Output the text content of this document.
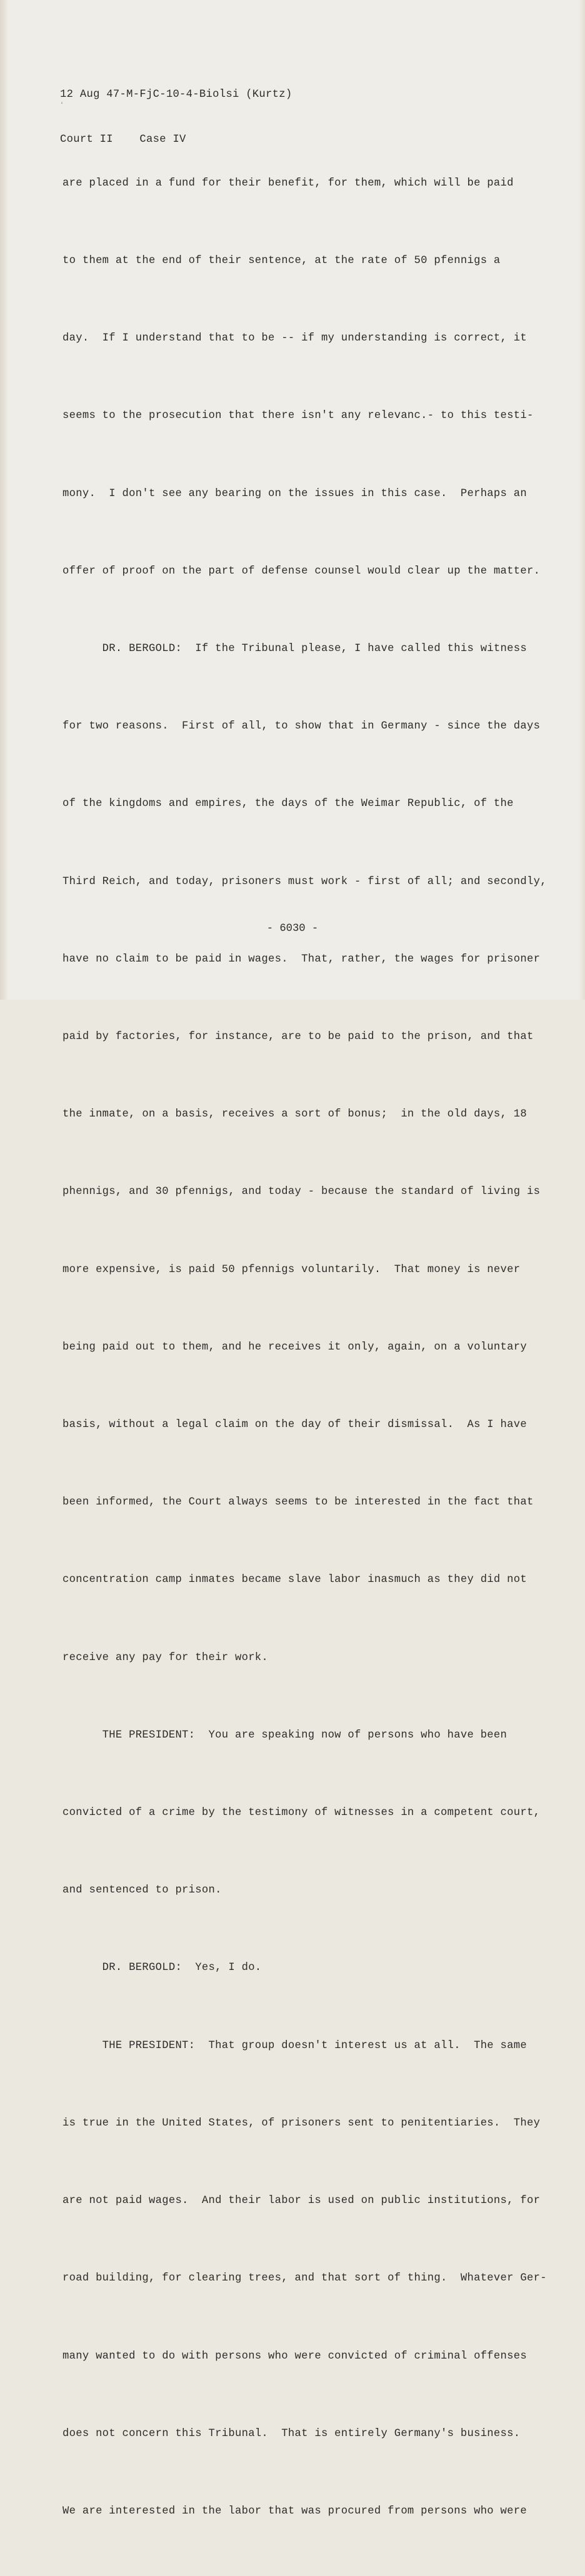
12 Aug 47-M-FjC-10-4-Biolsi (Kurtz)

Court II    Case IV

‘

are placed in a fund for their benefit, for them, which will be paid

to them at the end of their sentence, at the rate of 50 pfennigs a

day.  If I understand that to be -- if my understanding is correct, it

seems to the prosecution that there isn't any relevanc.- to this testi-

mony.  I don't see any bearing on the issues in this case.  Perhaps an

offer of proof on the part of defense counsel would clear up the matter.

DR. BERGOLD:  If the Tribunal please, I have called this witness

for two reasons.  First of all, to show that in Germany - since the days

of the kingdoms and empires, the days of the Weimar Republic, of the

Third Reich, and today, prisoners must work - first of all; and secondly,

have no claim to be paid in wages.  That, rather, the wages for prisoner

paid by factories, for instance, are to be paid to the prison, and that

the inmate, on a basis, receives a sort of bonus;  in the old days, 18

phennigs, and 30 pfennigs, and today - because the standard of living is

more expensive, is paid 50 pfennigs voluntarily.  That money is never

being paid out to them, and he receives it only, again, on a voluntary

basis, without a legal claim on the day of their dismissal.  As I have

been informed, the Court always seems to be interested in the fact that

concentration camp inmates became slave labor inasmuch as they did not

receive any pay for their work.

THE PRESIDENT:  You are speaking now of persons who have been

convicted of a crime by the testimony of witnesses in a competent court,

and sentenced to prison.

DR. BERGOLD:  Yes, I do.

THE PRESIDENT:  That group doesn't interest us at all.  The same

is true in the United States, of prisoners sent to penitentiaries.  They

are not paid wages.  And their labor is used on public institutions, for

road building, for clearing trees, and that sort of thing.  Whatever Ger-

many wanted to do with persons who were convicted of criminal offenses

does not concern this Tribunal.  That is entirely Germany's business.

We are interested in the labor that was procured from persons who were

- 6030 -
